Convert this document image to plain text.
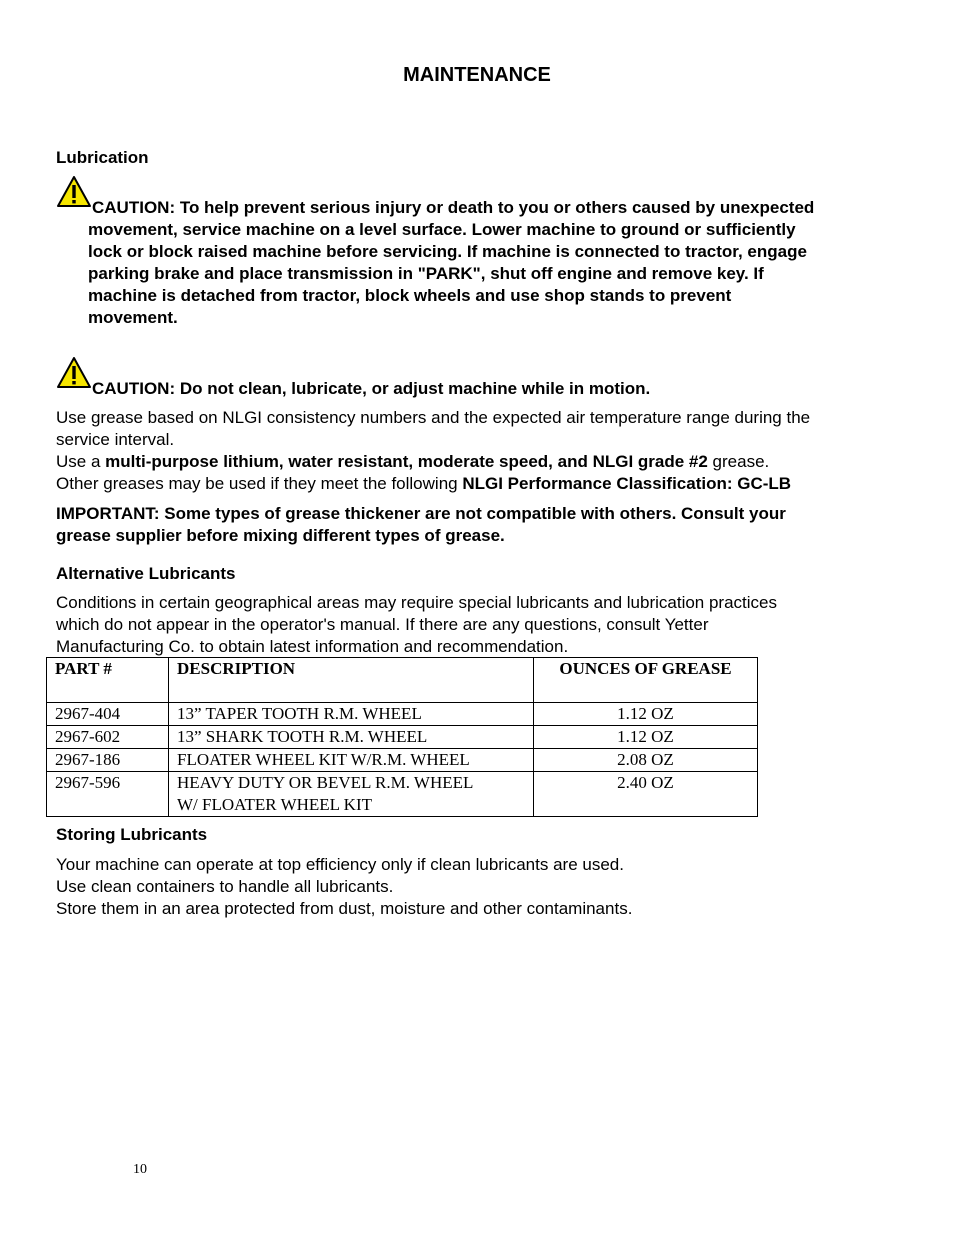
MAINTENANCE
Lubrication
CAUTION: To help prevent serious injury or death to you or others caused by unexpected
movement, service machine on a level surface. Lower machine to ground or sufficiently
lock or block raised machine before servicing. If machine is connected to tractor, engage
parking brake and place transmission in "PARK", shut off engine and remove key. If
machine is detached from tractor, block wheels and use shop stands to prevent
movement.
CAUTION: Do not clean, lubricate, or adjust machine while in motion.
Use grease based on NLGI consistency numbers and the expected air temperature range during the
service interval.
Use a multi-purpose lithium, water resistant, moderate speed, and NLGI grade #2 grease.
Other greases may be used if they meet the following NLGI Performance Classification: GC-LB
IMPORTANT: Some types of grease thickener are not compatible with others. Consult your
grease supplier before mixing different types of grease.
Alternative Lubricants
Conditions in certain geographical areas may require special lubricants and lubrication practices
which do not appear in the operator's manual. If there are any questions, consult Yetter
Manufacturing Co. to obtain latest information and recommendation.
PART #	DESCRIPTION	OUNCES OF GREASE
2967-404	13” TAPER TOOTH R.M. WHEEL	1.12 OZ
2967-602	13” SHARK TOOTH R.M. WHEEL	1.12 OZ
2967-186	FLOATER WHEEL KIT W/R.M. WHEEL	2.08 OZ
2967-596	HEAVY DUTY OR BEVEL R.M. WHEEL
W/ FLOATER WHEEL KIT	2.40 OZ
Storing Lubricants
Your machine can operate at top efficiency only if clean lubricants are used.
Use clean containers to handle all lubricants.
Store them in an area protected from dust, moisture and other contaminants.
10
